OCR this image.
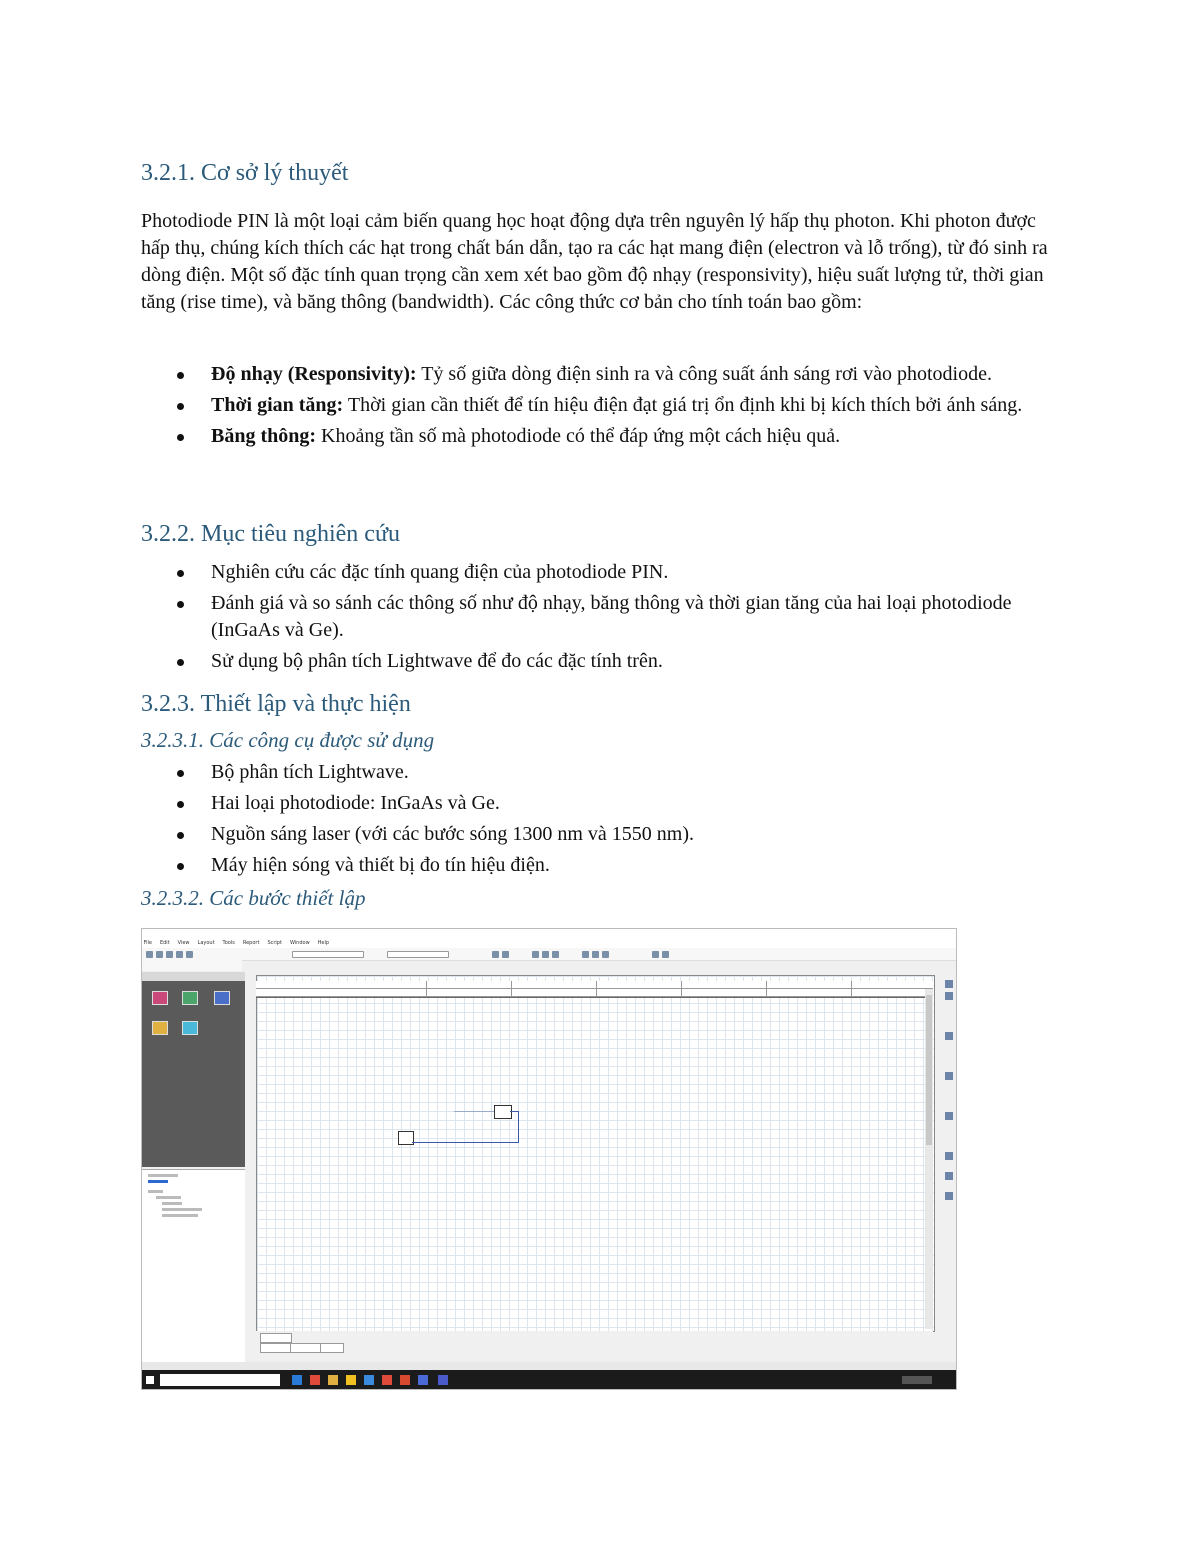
3.2.1. Cơ sở lý thuyết
Photodiode PIN là một loại cảm biến quang học hoạt động dựa trên nguyên lý hấp thụ photon. Khi photon được hấp thụ, chúng kích thích các hạt trong chất bán dẫn, tạo ra các hạt mang điện (electron và lỗ trống), từ đó sinh ra dòng điện. Một số đặc tính quan trọng cần xem xét bao gồm độ nhạy (responsivity), hiệu suất lượng tử, thời gian tăng (rise time), và băng thông (bandwidth). Các công thức cơ bản cho tính toán bao gồm:
Độ nhạy (Responsivity): Tỷ số giữa dòng điện sinh ra và công suất ánh sáng rơi vào photodiode.
Thời gian tăng: Thời gian cần thiết để tín hiệu điện đạt giá trị ổn định khi bị kích thích bởi ánh sáng.
Băng thông: Khoảng tần số mà photodiode có thể đáp ứng một cách hiệu quả.
3.2.2. Mục tiêu nghiên cứu
Nghiên cứu các đặc tính quang điện của photodiode PIN.
Đánh giá và so sánh các thông số như độ nhạy, băng thông và thời gian tăng của hai loại photodiode (InGaAs và Ge).
Sử dụng bộ phân tích Lightwave để đo các đặc tính trên.
3.2.3. Thiết lập và thực hiện
3.2.3.1. Các công cụ được sử dụng
Bộ phân tích Lightwave.
Hai loại photodiode: InGaAs và Ge.
Nguồn sáng laser (với các bước sóng 1300 nm và 1550 nm).
Máy hiện sóng và thiết bị đo tín hiệu điện.
3.2.3.2. Các bước thiết lập
File Edit View Layout Tools Report Script Window Help
